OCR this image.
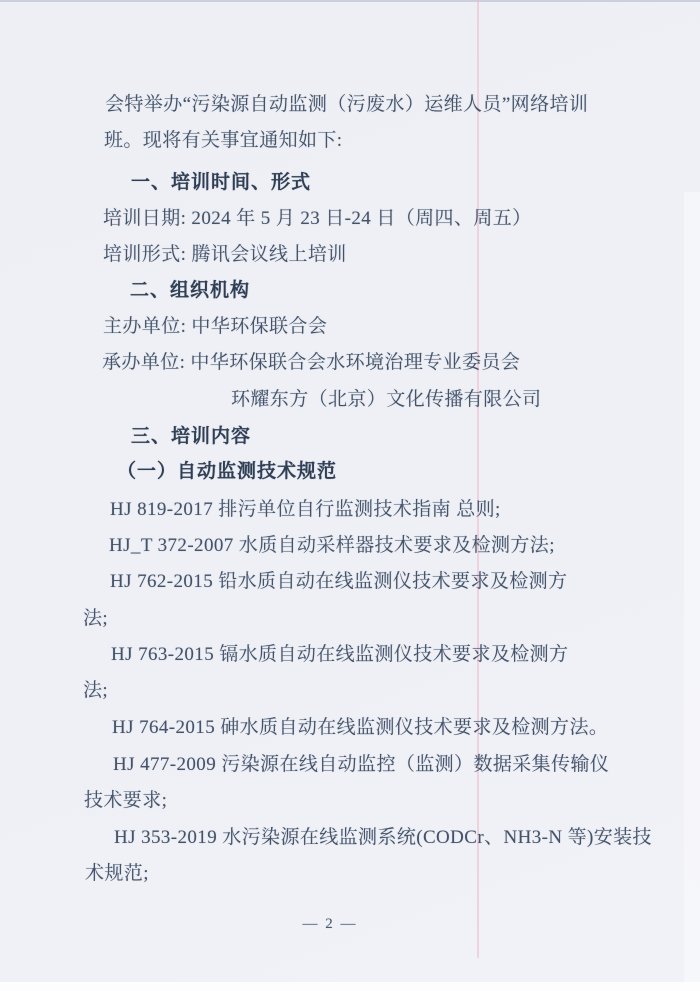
会特举办“污染源自动监测（污废水）运维人员”网络培训
班。现将有关事宜通知如下:
一、培训时间、形式
培训日期: 2024 年 5 月 23 日-24 日（周四、周五）
培训形式: 腾讯会议线上培训
二、组织机构
主办单位: 中华环保联合会
承办单位: 中华环保联合会水环境治理专业委员会
环耀东方（北京）文化传播有限公司
三、培训内容
（一）自动监测技术规范
HJ 819-2017 排污单位自行监测技术指南 总则;
HJ_T 372-2007 水质自动采样器技术要求及检测方法;
HJ 762-2015 铅水质自动在线监测仪技术要求及检测方
法;
HJ 763-2015 镉水质自动在线监测仪技术要求及检测方
法;
HJ 764-2015 砷水质自动在线监测仪技术要求及检测方法。
HJ 477-2009 污染源在线自动监控（监测）数据采集传输仪
技术要求;
HJ 353-2019 水污染源在线监测系统(CODCr、NH3-N 等)安装技
术规范;
— 2 —
